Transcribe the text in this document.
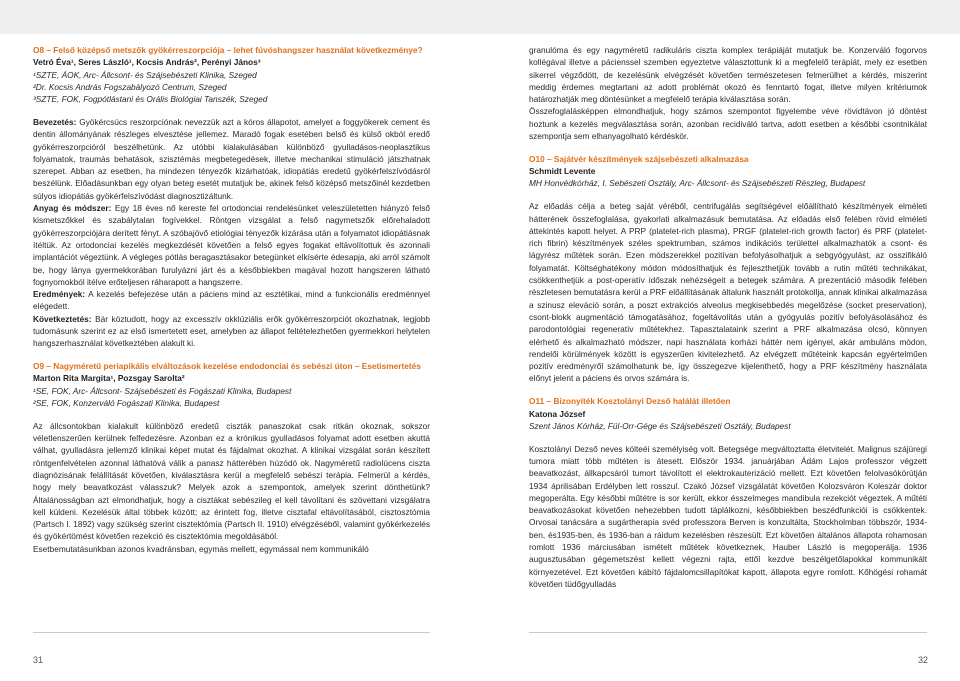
O8 – Felső középső metszők gyökérreszorpciója – lehet fúvóshangszer használat következménye?
Vetró Éva¹, Seres László¹, Kocsis András², Perényi János³
¹SZTE, ÁOK, Arc- Állcsont- és Szájsebészeti Klinika, Szeged
²Dr. Kocsis András Fogszabályozó Centrum, Szeged
³SZTE, FOK, Fogpótlástani és Orális Biológiai Tanszék, Szeged
Bevezetés: Gyökércsúcs reszorpciónak nevezzük azt a kóros állapotot, amelyet a foggyökerek cement és dentin állományának részleges elvesztése jellemez. Maradó fogak esetében belső és külső okból eredő gyökérreszorpcióról beszélhetünk. Az utóbbi kialakulásában különböző gyulladásos-neoplasztikus folyamatok, traumás behatások, szisztémás megbetegedések, illetve mechanikai stimuláció játszhatnak szerepet. Abban az esetben, ha mindezen tényezők kizárhatóak, idiopátiás eredetű gyökérfelszívódásról beszélünk. Előadásunkban egy olyan beteg esetét mutatjuk be, akinek felső középső metszőinél kezdetben súlyos idiopátiás gyökérfelszívódást diagnosztizáltunk.
Anyag és módszer: Egy 18 éves nő kereste fel ortodonciai rendelésünket veleszületetten hiányzó felső kismetszőkkel és szabálytalan fogívekkel. Röntgen vizsgálat a felső nagymetszők előrehaladott gyökérreszorpciójára derített fényt. A szóbajövő etiológiai tényezők kizárása után a folyamatot idiopátiásnak ítéltük. Az ortodonciai kezelés megkezdését követően a felső egyes fogakat eltávolítottuk és azonnali implantációt végeztünk. A végleges pótlás beragasztásakor betegünket elkísérte édesapja, aki arról számolt be, hogy lánya gyermekkorában furulyázni járt és a későbbiekben magával hozott hangszeren látható fognyomokból itélve erőteljesen ráharapott a hangszerre.
Eredmények: A kezelés befejezése után a páciens mind az esztétikai, mind a funkcionális eredménnyel elégedett.
Következtetés: Bár köztudott, hogy az excesszív okklúziális erők gyökérreszorpciót okozhatnak, legjobb tudomásunk szerint ez az első ismertetett eset, amelyben az állapot feltételezhetően gyermekkori helytelen hangszerhasználat következtében alakult ki.
O9 – Nagyméretű periapikális elváltozások kezelése endodonciai és sebészi úton – Esetismertetés
Marton Rita Margita¹, Pozsgay Sarolta²
¹SE, FOK, Arc- Állcsont- Szájsebészeti és Fogászati Klinika, Budapest
²SE, FOK, Konzerváló Fogászati Klinika, Budapest
Az állcsontokban kialakult különböző eredetű ciszták panaszokat csak ritkán okoznak, sokszor véletlenszerűen kerülnek felfedezésre. Azonban ez a krónikus gyulladásos folyamat adott esetben akuttá válhat, gyulladásra jellemző klinikai képet mutat és fájdalmat okozhat. A klinikai vizsgálat során készített röntgenfelvételen azonnal láthatóvá válik a panasz hátterében húzódó ok. Nagyméretű radiolúcens ciszta diagnózisának felállítását követően, kiválasztásra kerül a megfelelő sebészi terápia. Felmerül a kérdés, hogy mely beavatkozást válasszuk? Melyek azok a szempontok, amelyek szerint dönthetünk? Általánosságban azt elmondhatjuk, hogy a cisztákat sebészileg el kell távolítani és szövettani vizsgálatra kell küldeni. Kezelésük által többek között; az érintett fog, illetve cisztafal eltávolításából, cisztosztómia (Partsch I. 1892) vagy szükség szerint cisztektómia (Partsch II. 1910) elvégzéséből, valamint gyökérkezelés és gyökértömést követően rezekció és cisztektómia megoldásából.
Esetbemutatásunkban azonos kvadránsban, egymás mellett, egymással nem kommunikáló
granulóma és egy nagyméretű radikuláris ciszta komplex terápiáját mutatjuk be. Konzerváló fogorvos kollégával illetve a pácienssel szemben egyeztetve választottunk ki a megfelelő terápiát, mely ez esetben sikerrel végződött, de kezelésünk elvégzését követően természetesen felmerülhet a kérdés, miszerint meddig érdemes megtartani az adott problémát okozó és fenntartó fogat, illetve milyen kritériumok határozhatják meg döntésünket a megfelelő terápia kiválasztása során.
Összefoglalásképpen elmondhatjuk, hogy számos szempontot figyelembe véve rövidtávon jó döntést hoztunk a kezelés megválasztása során, azonban recidiváló tartva, adott esetben a későbbi csontnikálat szempontja sem elhanyagolható kérdéskör.
O10 – Sajátvér készítmények szájsebészeti alkalmazása
Schmidt Levente
MH Honvédkórház, I. Sebészeti Osztály, Arc- Állcsont- és Szájsebészeti Részleg, Budapest
Az előadás célja a beteg saját véréből, centrifugálás segítségével előállítható készítmények elméleti hátterének összefoglalása, gyakorlati alkalmazásuk bemutatása. Az előadás első felében rövid elméleti áttekintés kapott helyet. A PRP (platelet-rich plasma), PRGF (platelet-rich growth factor) és PRF (platelet-rich fibrin) készítmények széles spektrumban, számos indikációs területtel alkalmazhatók a csont- és lágyrész műtétek során. Ezen módszerekkel pozitívan befolyásolhatjuk a sebgyógyulást, az osszifikáló folyamatát. Költséghatékony módon módosíthatjuk és fejleszthetjük tovább a rutin műtéti technikákat, csökkenthetjük a post-operatív időszak nehézségeit a betegek számára. A prezentáció második felében részletesen bemutatásra kerül a PRF előállításának általunk használt protokollja, annak klinikai alkalmazása a szinusz eleváció során, a poszt extrakciós alveolus megkisebbedés megelőzése (socket preservation), csont-blokk augmentáció támogatásához, fogeltávolítás után a gyógyulás pozitív befolyásolásához és parodontológiai regeneratív műtétekhez. Tapasztalataink szerint a PRF alkalmazása olcsó, könnyen elérhető és alkalmazható módszer, napi használata korházi háttér nem igényel, akár ambuláns módon, rendelői körülmények között is egyszerűen kivitelezhető. Az elvégzett műtéteink kapcsán egyértelműen pozitív eredményről számolhatunk be, így összegezve kijelenthető, hogy a PRF készítmény használata előnyt jelent a páciens és orvos számára is.
O11 – Bizonyíték Kosztolányi Dezső halálát illetően
Katona József
Szent János Kórház, Fül-Orr-Gége és Szájsebészeti Osztály, Budapest
Kosztolányi Dezső neves költeéi személyiség volt. Betegsége megváltoztatta életvitelét. Malignus szájüregi tumora miatt több műtéten is átesett. Először 1934. januárjában Ádám Lajos professzor végzett beavatkozást, állkapcsáról tumort távolított el elektrokauterizáció mellett. Ezt követően felolvasókörútján 1934 áprilisában Erdélyben lett rosszul. Czakó József vizsgálatát követően Kolozsváron Koleszár doktor megoperálta. Egy későbbi műtétre is sor került, ekkor ésszelmeges mandibula rezekciót végeztek. A műtéti beavatkozásokat követően nehezebben tudott táplálkozni, későbbiekben beszédfunkciói is csökkentek. Orvosai tanácsára a sugártherapia svéd professzora Berven is konzultálta, Stockholmban többször, 1934-ben, és1935-ben, és 1936-ban a ráidum kezelésben részesült. Ezt követően általános állapota rohamosan romlott 1936 márciusában ismételt műtétek következnek, Hauber László is megoperálja. 1936 augusztusában gégemetszést kellett végezni rajta, ettől kezdve beszélgetőlapokkal kommunikált környezetével. Ezt követően kábító fájdalomcsillapítókat kapott, állapota egyre romlott. Kőhögési rohamát követően tüdőgyulladás
31	32
